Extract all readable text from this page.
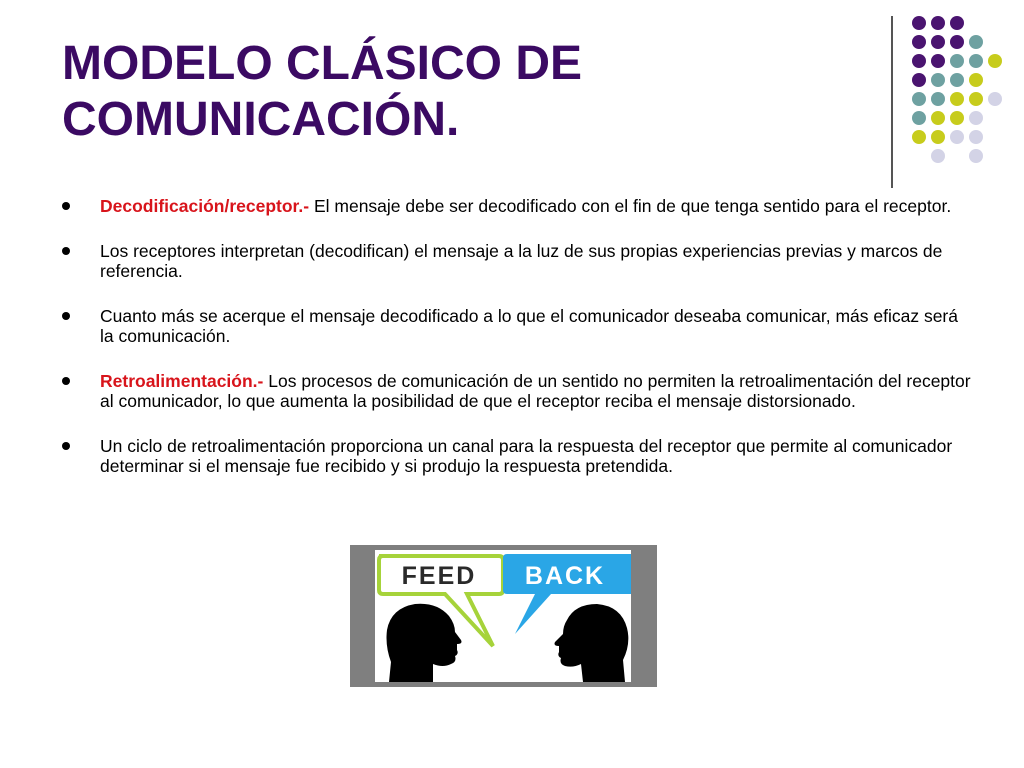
MODELO CLÁSICO DE
COMUNICACIÓN.
Decodificación/receptor.- El mensaje debe ser decodificado con el fin de que tenga sentido para el receptor.
Los receptores interpretan (decodifican) el mensaje a la luz de sus propias experiencias previas y marcos de referencia.
Cuanto más se acerque el mensaje decodificado a lo que el comunicador deseaba comunicar, más eficaz será la comunicación.
Retroalimentación.- Los procesos de comunicación de un sentido no permiten la retroalimentación del receptor al comunicador, lo que aumenta la posibilidad de que el receptor reciba el mensaje distorsionado.
Un ciclo de retroalimentación proporciona un canal para la respuesta del receptor que permite al comunicador determinar si el mensaje fue recibido y si produjo la respuesta pretendida.
FEED BACK
